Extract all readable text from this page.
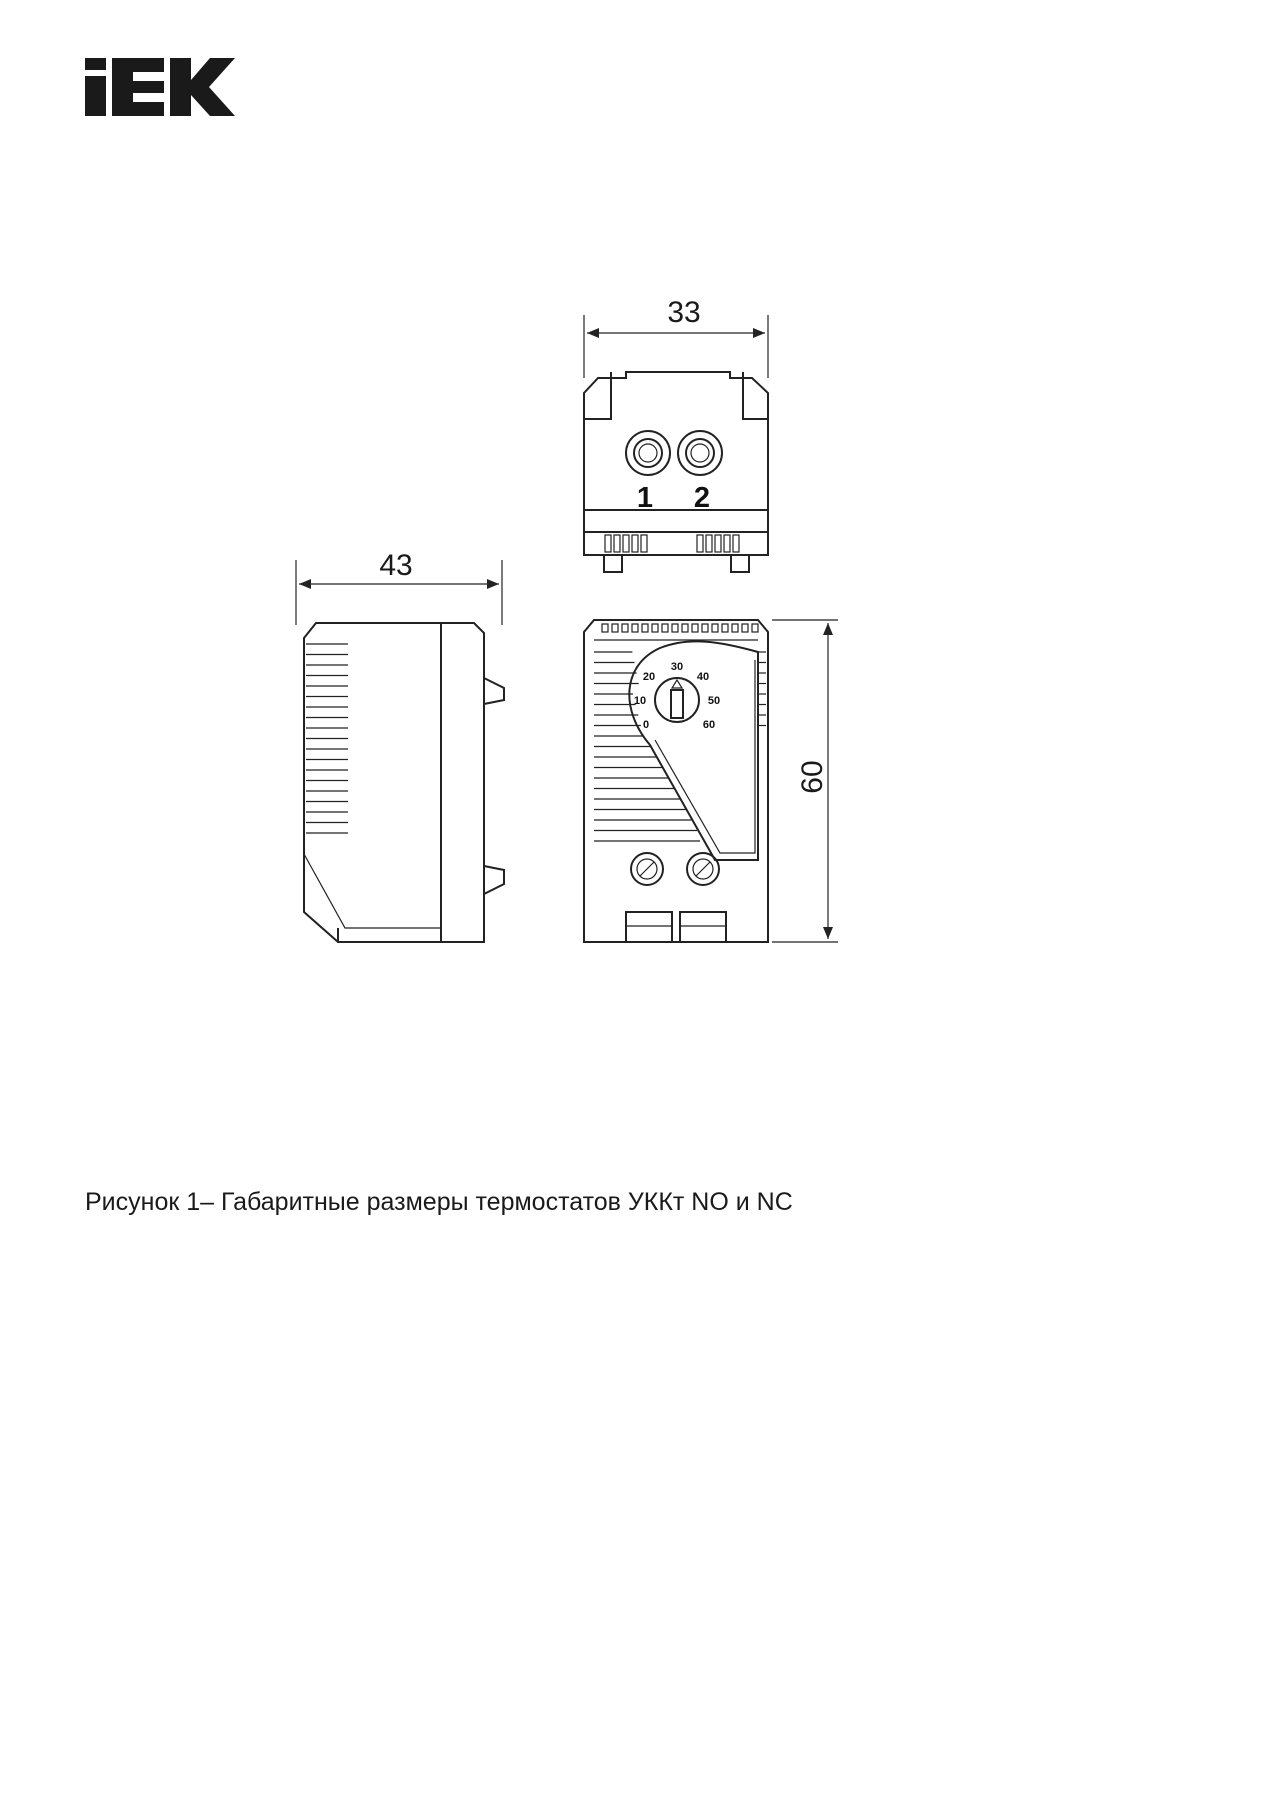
33
1 2
43
60
30
20	40
10	50
0	60
Рисунок 1– Габаритные размеры термостатов УККт NO и NC
